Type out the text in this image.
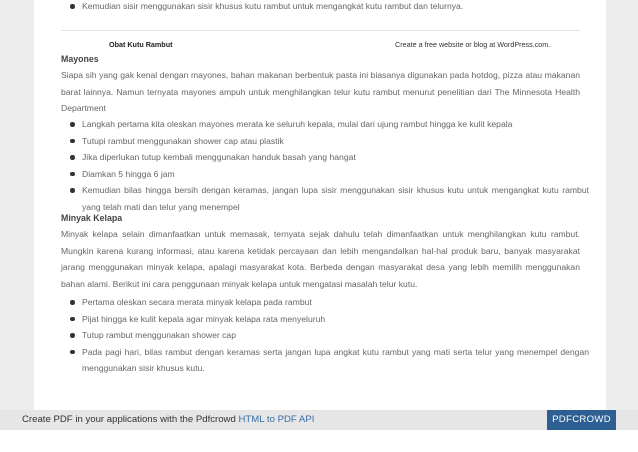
Kemudian sisir menggunakan sisir khusus kutu rambut untuk mengangkat kutu rambut dan telurnya.
Obat Kutu Rambut	Create a free website or blog at WordPress.com.
Mayones

Siapa sih yang gak kenal dengan mayones, bahan makanan berbentuk pasta ini biasanya digunakan pada hotdog, pizza atau makanan barat lainnya. Namun ternyata mayones ampuh untuk menghilangkan telur kutu rambut menurut penelitian dari The Minnesota Health Department

Langkah pertama kita oleskan mayones merata ke seluruh kepala, mulai dari ujung rambut hingga ke kulit kepala
Tutupi rambut menggunakan shower cap atau plastik
Jika diperlukan tutup kembali menggunakan handuk basah yang hangat
Diamkan 5 hingga 6 jam
Kemudian bilas hingga bersih dengan keramas, jangan lupa sisir menggunakan sisir khusus kutu untuk mengangkat kutu rambut yang telah mati dan telur yang menempel
Minyak Kelapa

Minyak kelapa selain dimanfaatkan untuk memasak, ternyata sejak dahulu telah dimanfaatkan untuk menghilangkan kutu rambut. Mungkin karena kurang informasi, atau karena ketidak percayaan dan lebih mengandalkan hal-hal produk baru, banyak masyarakat jarang menggunakan minyak kelapa, apalagi masyarakat kota. Berbeda dengan masyarakat desa yang lebih memilih menggunakan bahan alami. Berikut ini cara penggunaan minyak kelapa untuk mengatasi masalah telur kutu.

Pertama oleskan secara merata minyak kelapa pada rambut
Pijat hingga ke kulit kepala agar minyak kelapa rata menyeluruh
Tutup rambut menggunakan shower cap
Pada pagi hari, bilas rambut dengan keramas serta jangan lupa angkat kutu rambut yang mati serta telur yang menempel dengan menggunakan sisir khusus kutu.
Create PDF in your applications with the Pdfcrowd HTML to PDF API	PDFCROWD
